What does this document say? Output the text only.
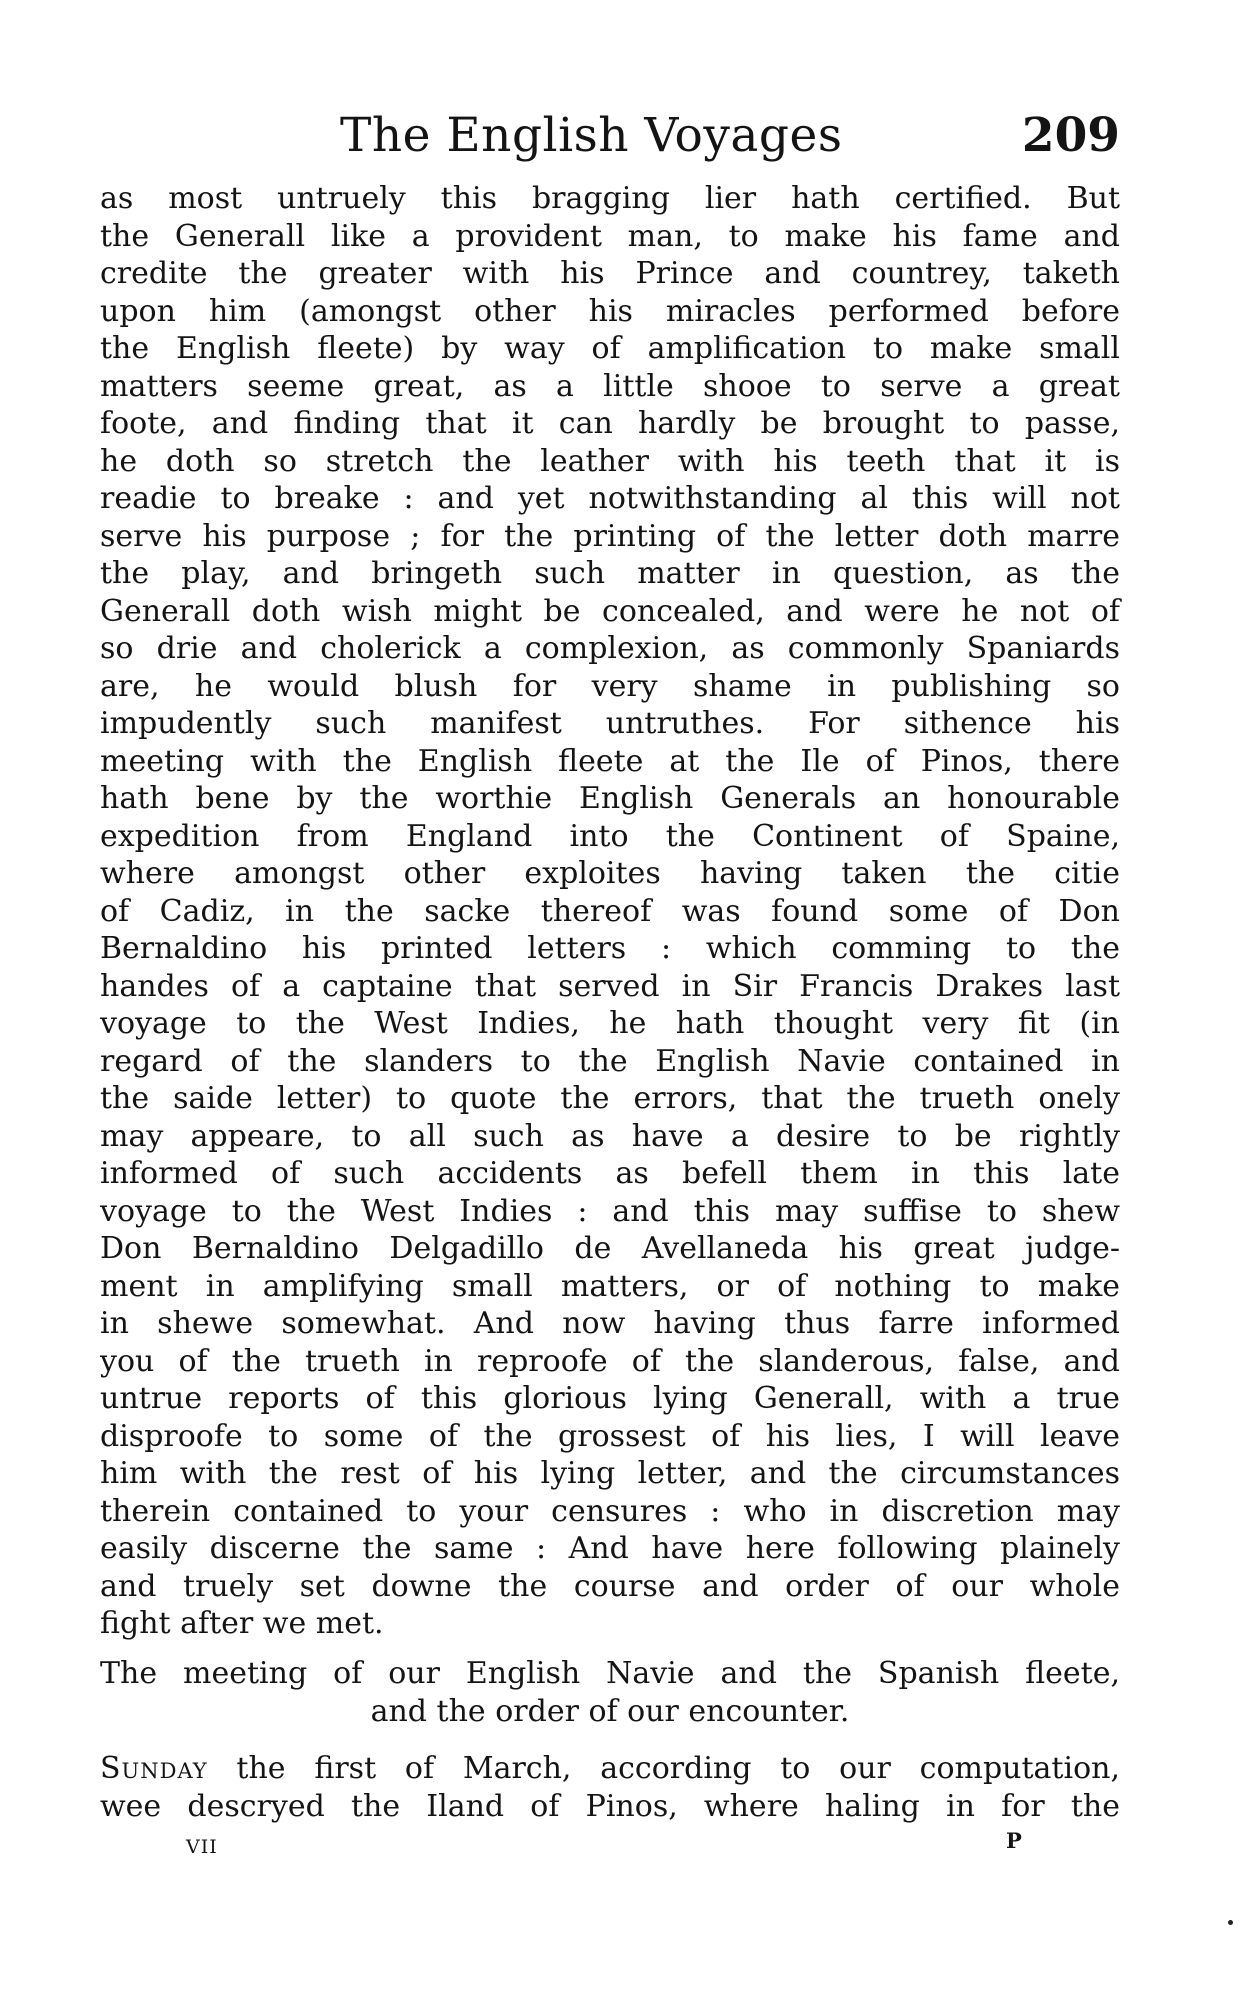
The English Voyages	209
as most untruely this bragging lier hath certified. But
the Generall like a provident man, to make his fame and
credite the greater with his Prince and countrey, taketh
upon him (amongst other his miracles performed before
the English fleete) by way of amplification to make small
matters seeme great, as a little shooe to serve a great
foote, and finding that it can hardly be brought to passe,
he doth so stretch the leather with his teeth that it is
readie to breake : and yet notwithstanding al this will not
serve his purpose ; for the printing of the letter doth marre
the play, and bringeth such matter in question, as the
Generall doth wish might be concealed, and were he not of
so drie and cholerick a complexion, as commonly Spaniards
are, he would blush for very shame in publishing so
impudently such manifest untruthes. For sithence his
meeting with the English fleete at the Ile of Pinos, there
hath bene by the worthie English Generals an honourable
expedition from England into the Continent of Spaine,
where amongst other exploites having taken the citie
of Cadiz, in the sacke thereof was found some of Don
Bernaldino his printed letters : which comming to the
handes of a captaine that served in Sir Francis Drakes last
voyage to the West Indies, he hath thought very fit (in
regard of the slanders to the English Navie contained in
the saide letter) to quote the errors, that the trueth onely
may appeare, to all such as have a desire to be rightly
informed of such accidents as befell them in this late
voyage to the West Indies : and this may suffise to shew
Don Bernaldino Delgadillo de Avellaneda his great judge-
ment in amplifying small matters, or of nothing to make
in shewe somewhat. And now having thus farre informed
you of the trueth in reproofe of the slanderous, false, and
untrue reports of this glorious lying Generall, with a true
disproofe to some of the grossest of his lies, I will leave
him with the rest of his lying letter, and the circumstances
therein contained to your censures : who in discretion may
easily discerne the same : And have here following plainely
and truely set downe the course and order of our whole
fight after we met.
The meeting of our English Navie and the Spanish fleete,
and the order of our encounter.
Sunday the first of March, according to our computation,
wee descryed the Iland of Pinos, where haling in for the
VII	P
